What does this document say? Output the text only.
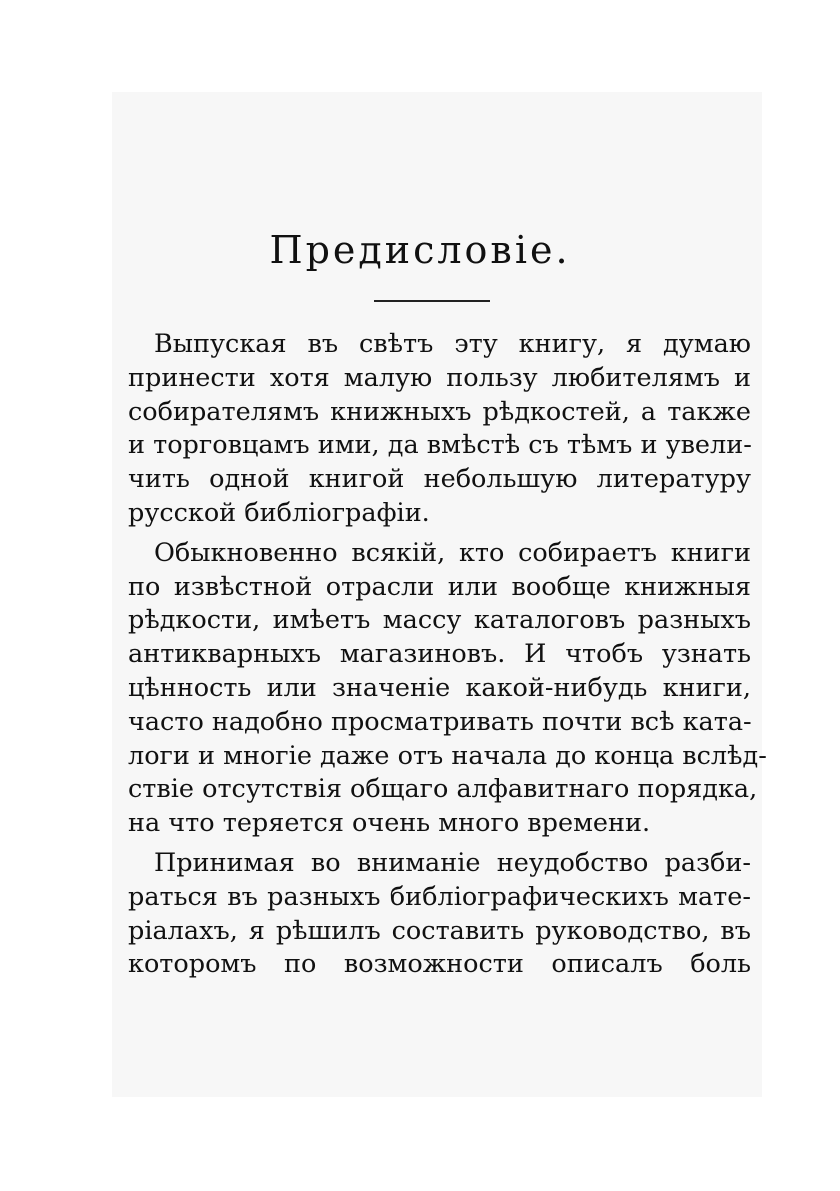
Предисловіе.
Выпуская въ свѣтъ эту книгу, я думаю
принести хотя малую пользу любителямъ и
собирателямъ книжныхъ рѣдкостей, а также
и торговцамъ ими, да вмѣстѣ съ тѣмъ и увели-
чить одной книгой небольшую литературу
русской библіографіи.
Обыкновенно всякій, кто собираетъ книги
по извѣстной отрасли или вообще книжныя
рѣдкости, имѣетъ массу каталоговъ разныхъ
антикварныхъ магазиновъ. И чтобъ узнать
цѣнность или значеніе какой-нибудь книги,
часто надобно просматривать почти всѣ ката-
логи и многіе даже отъ начала до конца вслѣд-
ствіе отсутствія общаго алфавитнаго порядка,
на что теряется очень много времени.
Принимая во вниманіе неудобство разби-
раться въ разныхъ библіографическихъ мате-
ріалахъ, я рѣшилъ составить руководство, въ
которомъ по возможности описалъ боль
